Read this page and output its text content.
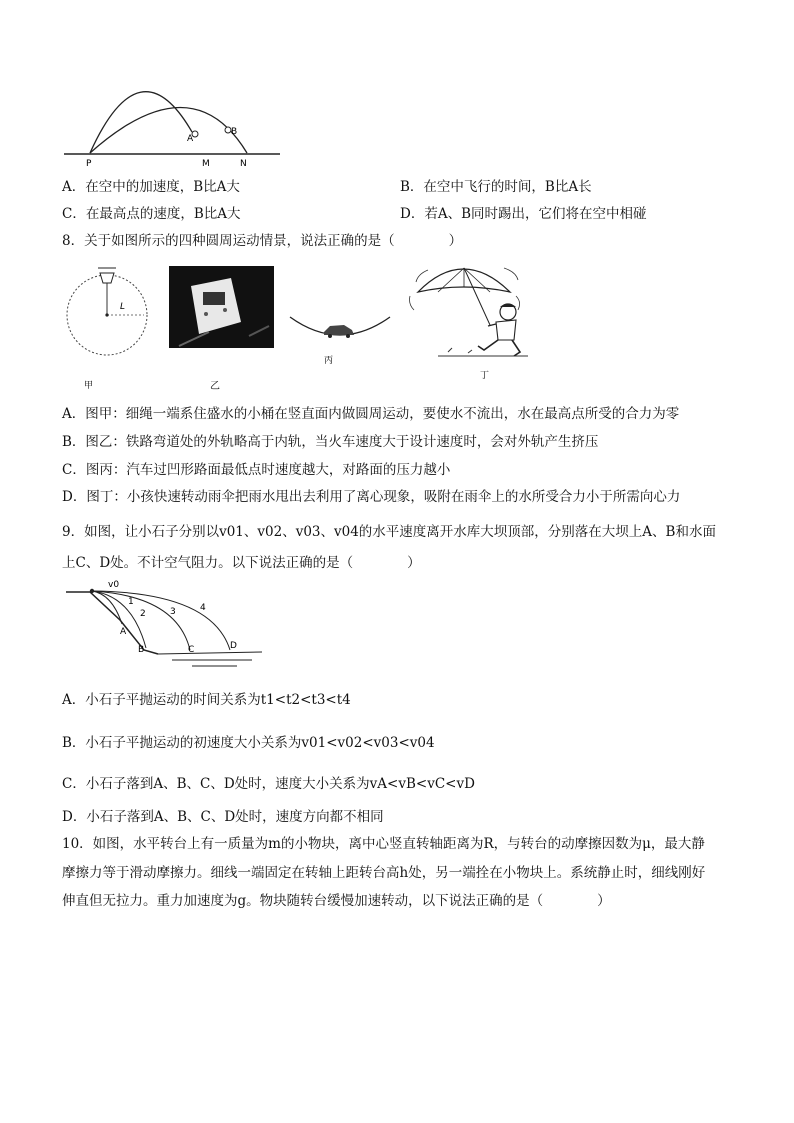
P	M	N
A
B
A．在空中的加速度，B比A大	B．在空中飞行的时间，B比A长
C．在最高点的速度，B比A大	D．若A、B同时踢出，它们将在空中相碰
8．关于如图所示的四种圆周运动情景，说法正确的是（　　　　）
L
甲	乙
丙
丁
A．图甲：细绳一端系住盛水的小桶在竖直面内做圆周运动，要使水不流出，水在最高点所受的合力为零
B．图乙：铁路弯道处的外轨略高于内轨，当火车速度大于设计速度时，会对外轨产生挤压
C．图丙：汽车过凹形路面最低点时速度越大，对路面的压力越小
D．图丁：小孩快速转动雨伞把雨水甩出去利用了离心现象，吸附在雨伞上的水所受合力小于所需向心力
9．如图，让小石子分别以v01、v02、v03、v04的水平速度离开水库大坝顶部，分别落在大坝上A、B和水面
上C、D处。不计空气阻力。以下说法正确的是（　　　　）
v0
1
2	3	4
A
B	C	D
A．小石子平抛运动的时间关系为t1<t2<t3<t4
B．小石子平抛运动的初速度大小关系为v01<v02<v03<v04
C．小石子落到A、B、C、D处时，速度大小关系为vA<vB<vC<vD
D．小石子落到A、B、C、D处时，速度方向都不相同
10．如图，水平转台上有一质量为m的小物块，离中心竖直转轴距离为R，与转台的动摩擦因数为μ，最大静
摩擦力等于滑动摩擦力。细线一端固定在转轴上距转台高h处，另一端拴在小物块上。系统静止时，细线刚好
伸直但无拉力。重力加速度为g。物块随转台缓慢加速转动，以下说法正确的是（　　　　）
